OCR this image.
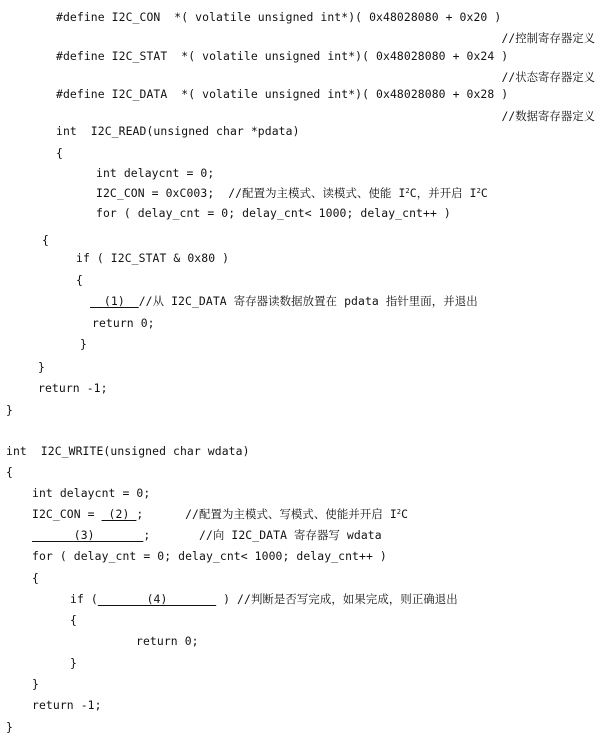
#define I2C_CON  *( volatile unsigned int*)( 0x48028080 + 0x20 )
//控制寄存器定义
#define I2C_STAT  *( volatile unsigned int*)( 0x48028080 + 0x24 )
//状态寄存器定义
#define I2C_DATA  *( volatile unsigned int*)( 0x48028080 + 0x28 )
//数据寄存器定义
int  I2C_READ(unsigned char *pdata)
{
int delaycnt = 0;
I2C_CON = 0xC003;  //配置为主模式、读模式、使能 $I^2C$，并开启 $I^2C$
for ( delay_cnt = 0; delay_cnt< 1000; delay_cnt++ )
{
if ( I2C_STAT & 0x80 )
{
(1) //从 I2C_DATA 寄存器读数据放置在 pdata 指针里面，并退出
return 0;
}
}
return -1;
}
int  I2C_WRITE(unsigned char wdata)
{
int delaycnt = 0;
I2C_CON =  (2) ;      //配置为主模式、写模式、使能并开启 $I^2C$
(3)	;       //向 I2C_DATA 寄存器写 wdata
for ( delay_cnt = 0; delay_cnt< 1000; delay_cnt++ )
{
if (	(4)	) //判断是否写完成，如果完成，则正确退出
{
return 0;
}
}
return -1;
}
